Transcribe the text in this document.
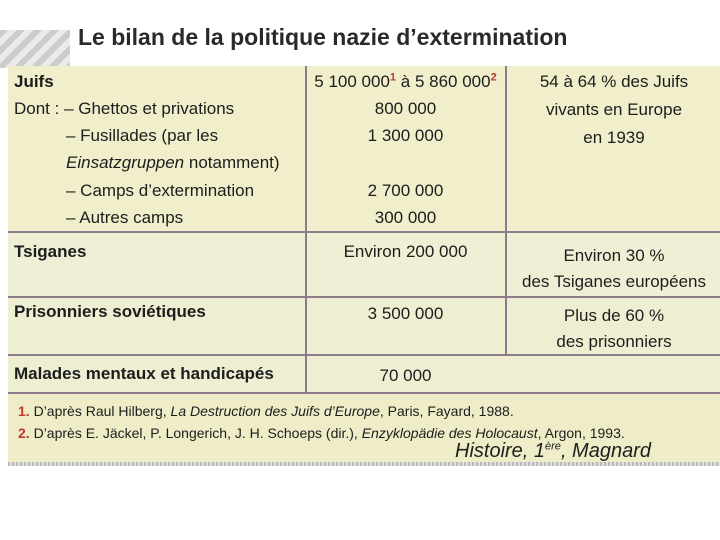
Le bilan de la politique nazie d’extermination
Juifs	5 100 $000^1$ à 5 860 $000^2$	54 à 64 % des Juifs
vivants en Europe
en 1939
Dont : – Ghettos et privations	800 000
– Fusillades (par les	1 300 000
Einsatzgruppen notamment)
– Camps d’extermination	2 700 000
– Autres camps	300 000
Tsiganes	Environ 200 000	Environ 30 %
des Tsiganes européens
Prisonniers soviétiques	3 500 000	Plus de 60 %
des prisonniers
Malades mentaux et handicapés	70 000
1. D’après Raul Hilberg, La Destruction des Juifs d’Europe, Paris, Fayard, 1988.
2. D’après E. Jäckel, P. Longerich, J. H. Schoeps (dir.), Enzyklopädie des Holocaust, Argon, 1993.
Histoire, 1ère, Magnard
